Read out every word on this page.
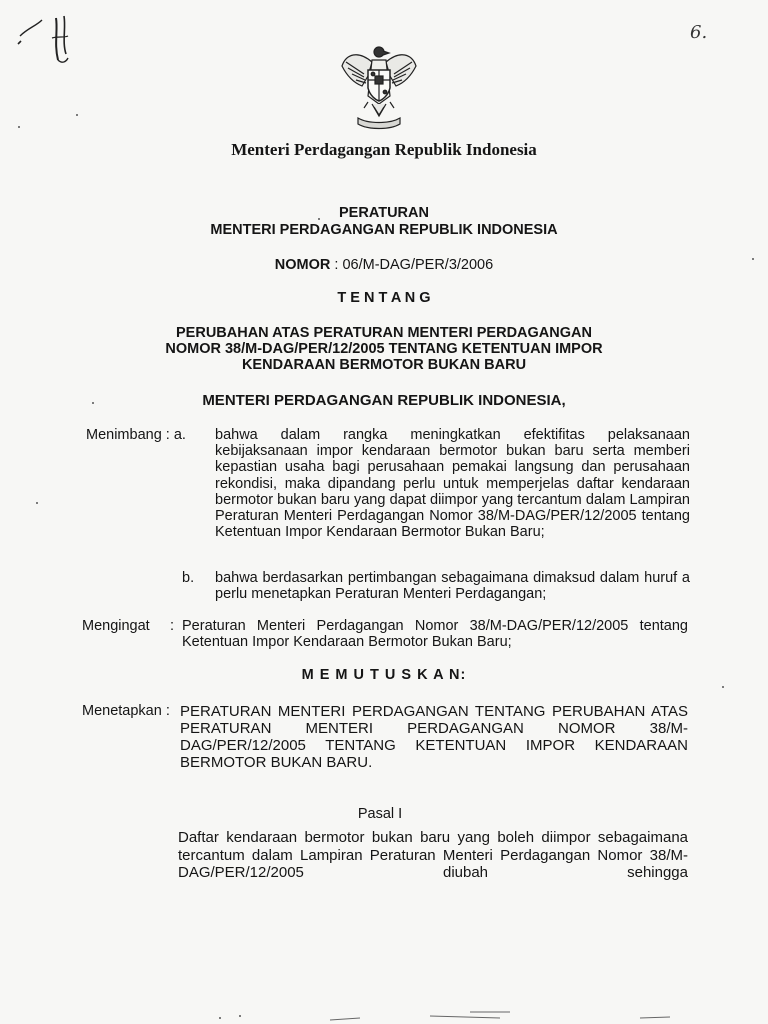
6.
Menteri Perdagangan Republik Indonesia
PERATURAN
MENTERI PERDAGANGAN REPUBLIK INDONESIA
NOMOR : 06/M-DAG/PER/3/2006
T E N T A N G
PERUBAHAN ATAS PERATURAN MENTERI PERDAGANGAN
NOMOR 38/M-DAG/PER/12/2005 TENTANG KETENTUAN IMPOR
KENDARAAN BERMOTOR BUKAN BARU
MENTERI PERDAGANGAN REPUBLIK INDONESIA,
Menimbang : a. bahwa dalam rangka meningkatkan efektifitas pelaksanaan kebijaksanaan impor kendaraan bermotor bukan baru serta memberi kepastian usaha bagi perusahaan pemakai langsung dan perusahaan rekondisi, maka dipandang perlu untuk memperjelas daftar kendaraan bermotor bukan baru yang dapat diimpor yang tercantum dalam Lampiran Peraturan Menteri Perdagangan Nomor 38/M-DAG/PER/12/2005 tentang Ketentuan Impor Kendaraan Bermotor Bukan Baru;
b. bahwa berdasarkan pertimbangan sebagaimana dimaksud dalam huruf a perlu menetapkan Peraturan Menteri Perdagangan;
Mengingat : Peraturan Menteri Perdagangan Nomor 38/M-DAG/PER/12/2005 tentang Ketentuan Impor Kendaraan Bermotor Bukan Baru;
M E M U T U S K A N:
Menetapkan : PERATURAN MENTERI PERDAGANGAN TENTANG PERUBAHAN ATAS PERATURAN MENTERI PERDAGANGAN NOMOR 38/M-DAG/PER/12/2005 TENTANG KETENTUAN IMPOR KENDARAAN BERMOTOR BUKAN BARU.
Pasal I
Daftar kendaraan bermotor bukan baru yang boleh diimpor sebagaimana tercantum dalam Lampiran Peraturan Menteri Perdagangan Nomor 38/M-DAG/PER/12/2005 diubah sehingga
